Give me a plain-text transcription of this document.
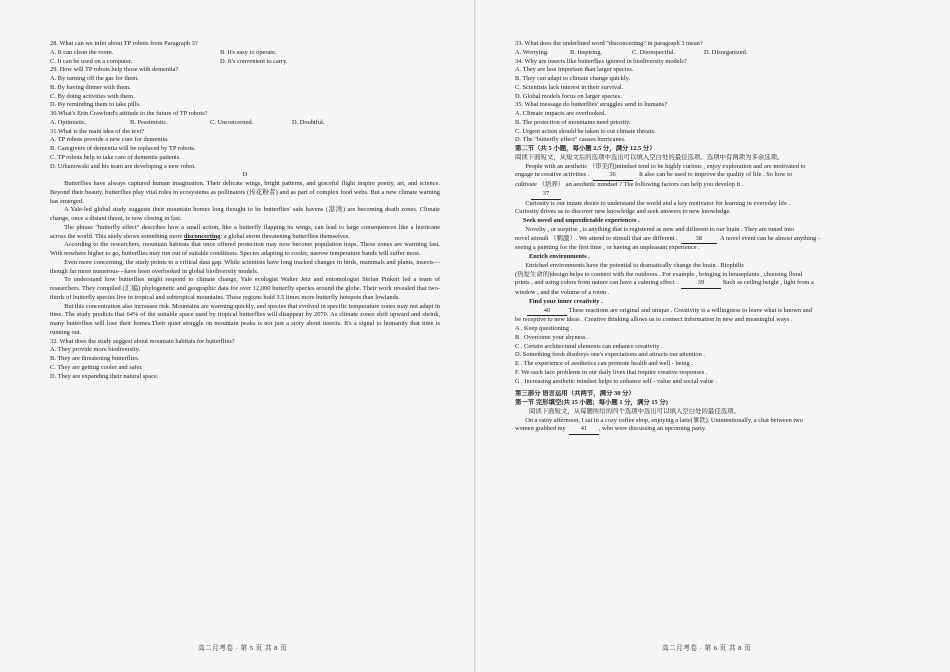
28. What can we infer about TP robots from Paragraph 3?
A. It can clean the room.	B. It's easy to operate.
C. It can be used on a computer.	D. It's convenient to carry.
29. How will TP robots help those with dementia?
A. By turning off the gas for them.
B. By having dinner with them.
C. By doing activities with them.
D. By reminding them to take pills.
30.What's Erin Crawford's attitude to the future of TP robots?
A. Optimistic.	B. Pessimistic.	C. Unconcerned.	D. Doubtful.
31.What is the main idea of the text?
A. TP robots provide a new cure for dementia.
B. Caregivers of dementia will be replaced by TP robots.
C. TP robots help to take care of dementia patients.
D. Urbanowski and his team are developing a new robot.
D

Butterflies have always captured human imagination. Their delicate wings, bright patterns, and graceful flight inspire poetry, art, and science. Beyond their beauty, butterflies play vital roles in ecosystems as pollinators (传花粉者) and as part of complex food webs. But a new climate warning has emerged.

A Yale-led global study suggests their mountain homes long thought to be butterflies' safe havens (港湾) are becoming death zones. Climate change, once a distant threat, is now closing in fast.

The phrase "butterfly effect" describes how a small action, like a butterfly flapping its wings, can lead to large consequences like a hurricane across the world. This study shows something more disconcerting: a global storm threatening butterflies themselves.

According to the researchers, mountain habitats that once offered protection may now become population traps. These zones are warming fast. With nowhere higher to go, butterflies may run out of suitable conditions. Species adapting to cooler, narrow temperature bands will suffer most.

Even more concerning, the study points to a critical data gap. While scientists have long tracked changes in birds, mammals and plants, insects—though far more numerous—have been overlooked in global biodiversity models.

To understand how butterflies might respond to climate change, Yale ecologist Walter Jetz and entomologist Stefan Pinkert led a team of researchers. They compiled (汇编) phylogenetic and geographic data for over 12,000 butterfly species around the globe. Their work revealed that two-thirds of butterfly species live in tropical and subtropical mountains. These regions hold 3.5 times more butterfly hotspots than lowlands.

But this concentration also increases risk. Mountains are warming quickly, and species that evolved in specific temperature zones may not adapt in time. The study predicts that 64% of the suitable space used by tropical butterflies will disappear by 2070. As climate zones shift upward and shrink, many butterflies will lose their homes.Their quiet struggle on mountain peaks is not just a story about insects. It's a signal to humanity that time is running out.

32. What does the study suggest about mountain habitats for butterflies?
A. They provide more biodiversity.
B. They are threatening butterflies.
C. They are getting cooler and safer.
D. They are expanding their natural space.
高二月考卷 · 第 5 页 共 8 页
33. What does the underlined word "disconcerting" in paragraph 3 mean?
A. Worrying.	B. Inspiring.	C. Disrespectful.	D. Disorganized.
34. Why are insects like butterflies ignored in biodiversity models?
A. They are less important than larger species.
B. They can adapt to climate change quickly.
C. Scientists lack interest in their survival.
D. Global models focus on larger species.
35. What message do butterflies' struggles send to humans?
A. Climate impacts are overlooked.
B. The protection of mountains need priority.
C. Urgent action should be taken to cut climate threats.
D. The "butterfly effect" causes hurricanes.
第二节（共 5 小题，每小题 2.5 分，满分 12.5 分）
阅读下面短文，从短文后的选项中选出可以填入空白处的最佳选项。选项中有两项为多余选项。
People with an aesthetic （审美的)mindset tend to be highly curious , enjoy exploration and are motivated to
engage in creative activities .	36	It also can be used to improve the quality of life . So how to
cultivate （培养） an aesthetic mindset ? The following factors can help you develop it .
37
Curiosity is our innate desire to understand the world and a key motivator for learning in everyday life .
Curiosity drives us to discover new knowledge and seek answers to new knowledge.
Seek novel and unpredictable experiences .
Novelty , or surprise , is anything that is registered as new and different to our brain . They are tuned into
novel stimuli （刺激）. We attend to stimuli that are different .	38	A novel event can be almost anything -
seeing a painting for the first time , or having an unpleasant experience .
Enrich environments .
Enriched environments have the potential to dramatically change the brain . Biophilic
(热爱生命的)design helps to connect with the outdoors . For example , bringing in houseplants , choosing floral
prints , and using colors from nature can have a calming effect .	39	Such as ceiling height , light from a
window , and the volume of a room .
Find your inner creativity .
40	These reactions are original and unique . Creativity is a willingness to leave what is known and
be receptive to new ideas . Creative thinking allows us to connect information in new and meaningful ways .
A . Keep questioning .
B . Overcome your shyness .
C . Certain architectural elements can enhance creativity .
D. Something fresh disobeys one's expectations and attracts our attention .
E . The experience of aesthetics can promote health and well - being .
F. We each face problems in our daily lives that require creative responses .
G . Increasing aesthetic mindset helps to enhance self - value and social value .
第三部分 语言运用（共两节，满分 30 分）
第一节 完形填空(共 15 小题；每小题 1 分，满分 15 分)
阅读下面短文，从每题所给的四个选项中选出可以填入空白处的最佳选项。
On a rainy afternoon, I sat in a cozy coffee shop, enjoying a latte(拿铁). Unintentionally, a chat between two
women grabbed my 41 , who were discussing an upcoming party.
高二月考卷 · 第 6 页 共 8 页
